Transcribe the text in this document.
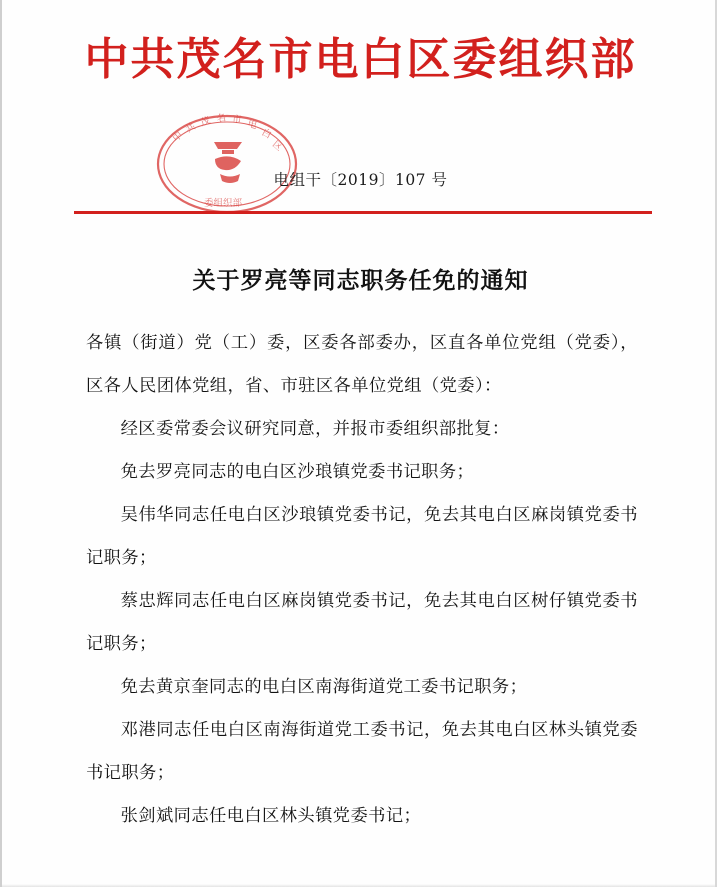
中共茂名市电白区委组织部
中
共 茂 名 市 电
白
区
委组织部
电组干〔2019〕107 号
关于罗亮等同志职务任免的通知

各镇（街道）党（工）委，区委各部委办，区直各单位党组（党委），区各人民团体党组，省、市驻区各单位党组（党委）：

经区委常委会议研究同意，并报市委组织部批复：

免去罗亮同志的电白区沙琅镇党委书记职务；

吴伟华同志任电白区沙琅镇党委书记，免去其电白区麻岗镇党委书记职务；

蔡忠辉同志任电白区麻岗镇党委书记，免去其电白区树仔镇党委书记职务；

免去黄京奎同志的电白区南海街道党工委书记职务；

邓港同志任电白区南海街道党工委书记，免去其电白区林头镇党委书记职务；

张剑斌同志任电白区林头镇党委书记；
